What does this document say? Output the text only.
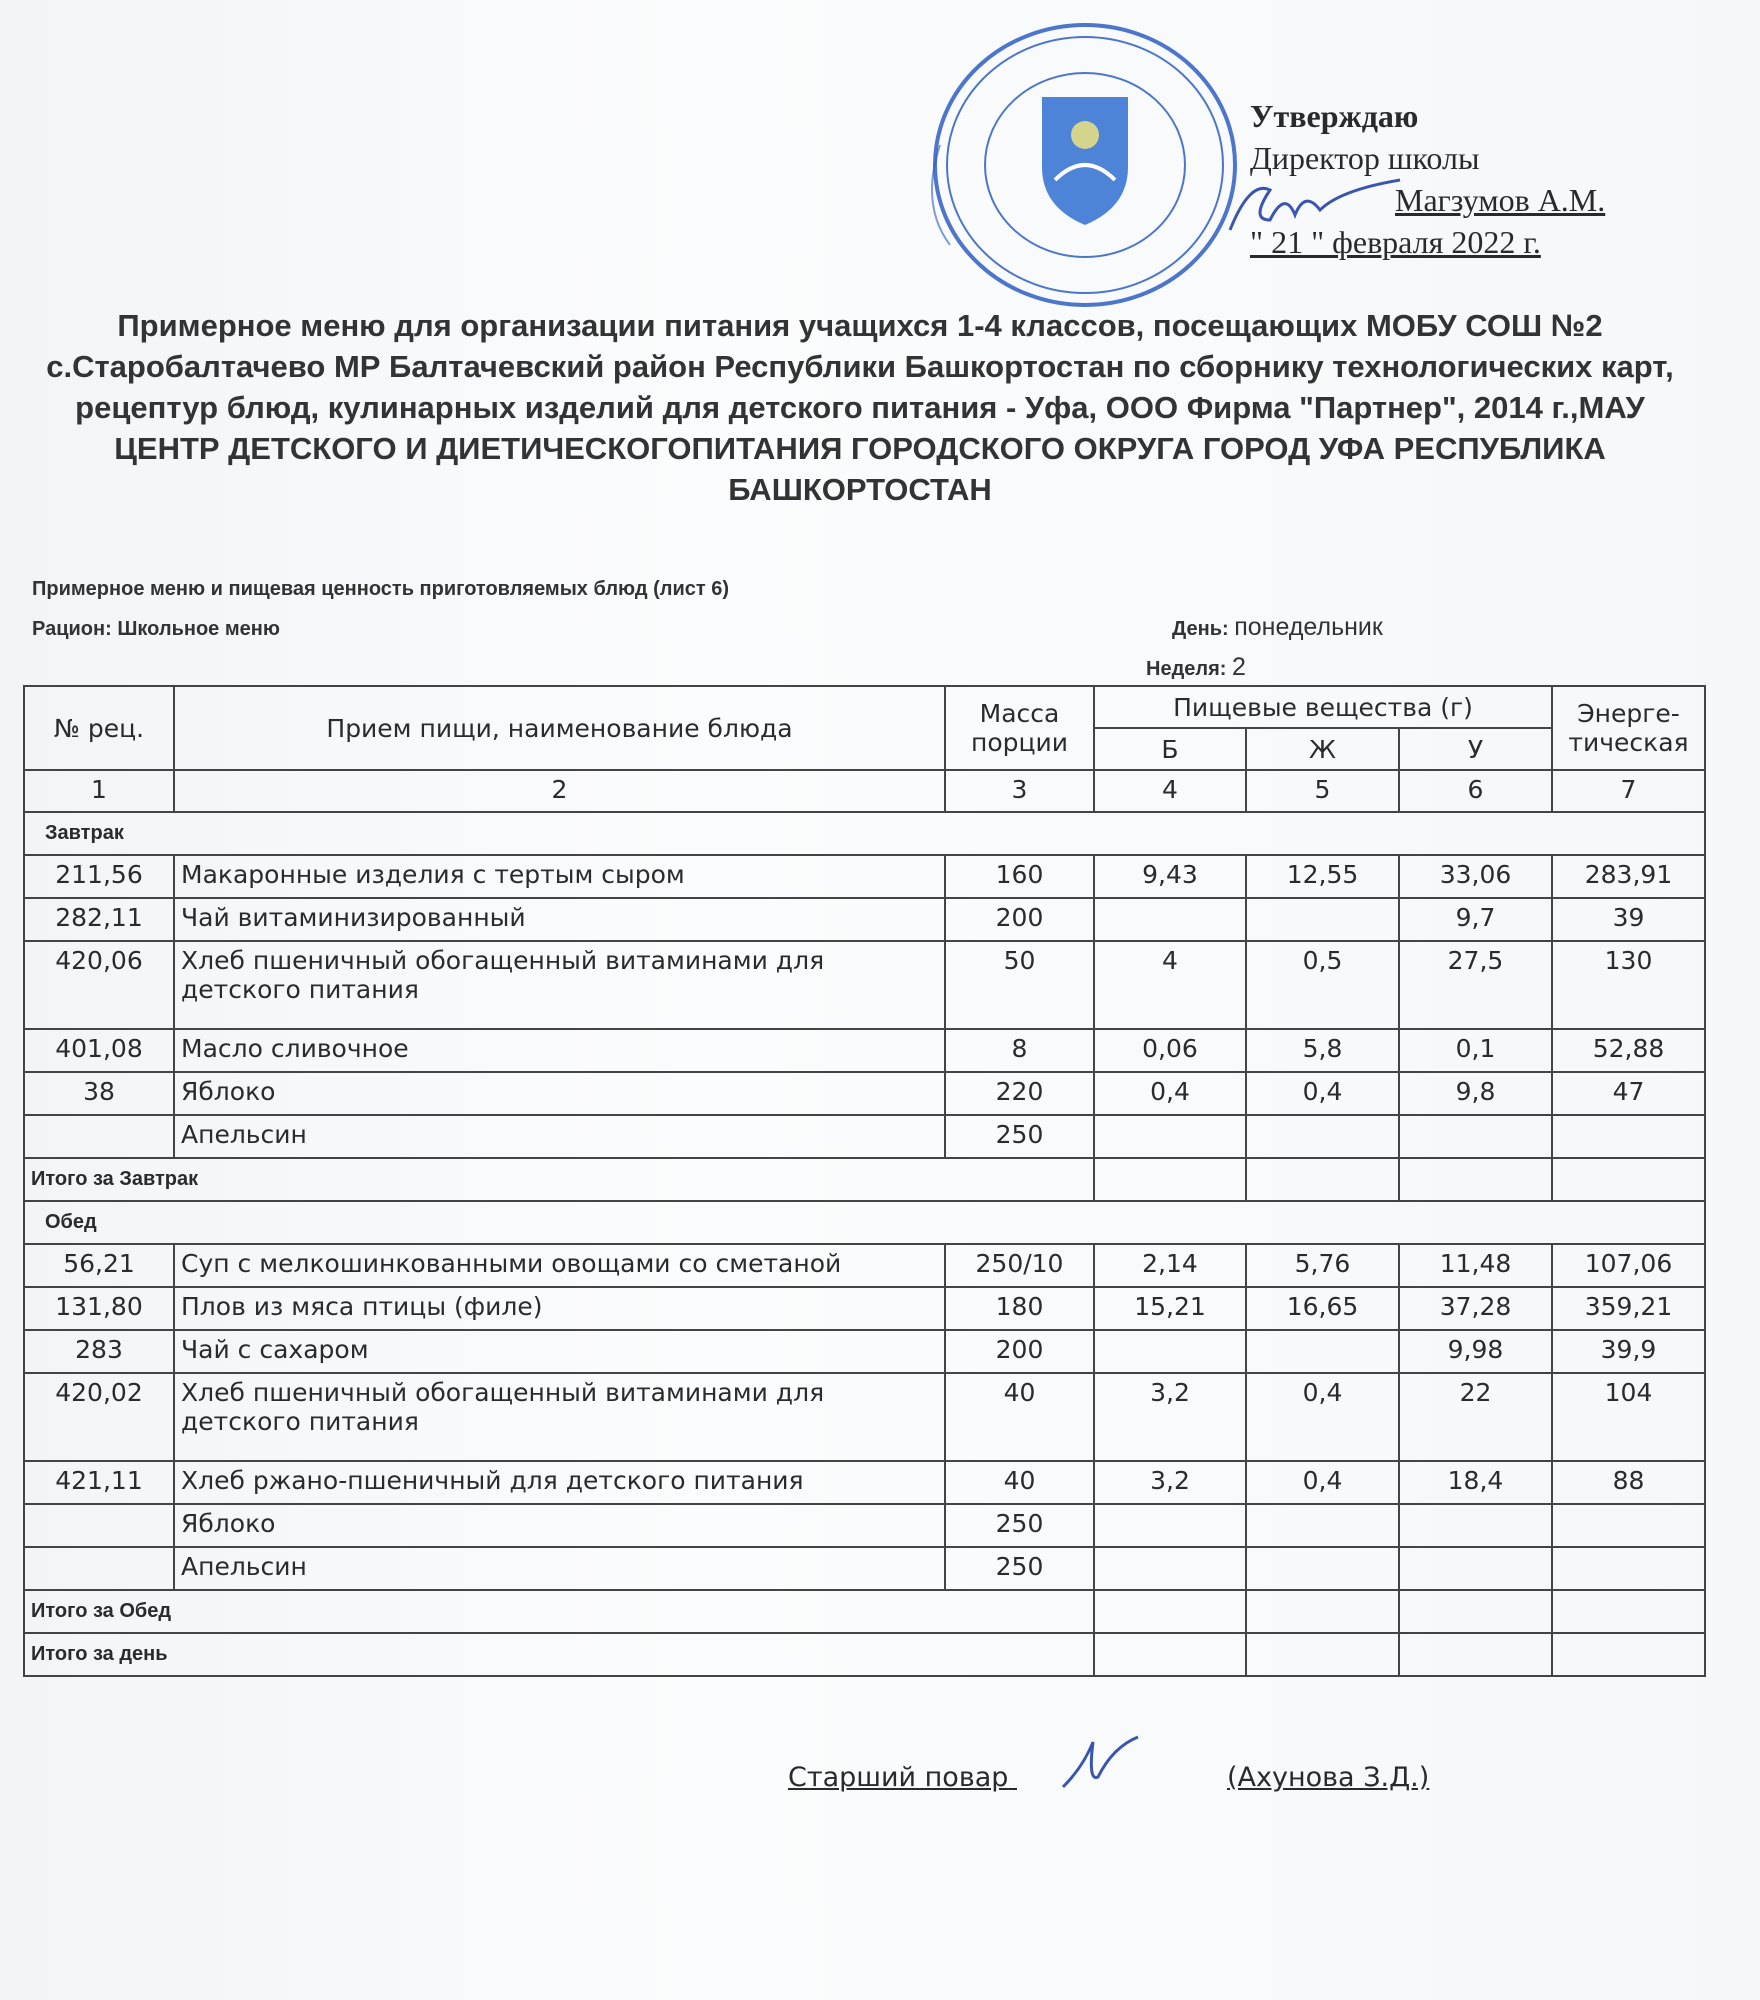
Утверждаю
Директор школы
Магзумов А.М.
" 21 " февраля 2022 г.
Примерное меню для организации питания учащихся 1-4 классов, посещающих МОБУ СОШ №2 с.Старобалтачево МР Балтачевский район Республики Башкортостан по сборнику технологических карт, рецептур блюд, кулинарных изделий для детского питания - Уфа, ООО Фирма "Партнер", 2014 г.,МАУ ЦЕНТР ДЕТСКОГО И ДИЕТИЧЕСКОГОПИТАНИЯ ГОРОДСКОГО ОКРУГА ГОРОД УФА РЕСПУБЛИКА БАШКОРТОСТАН
Примерное меню и пищевая ценность приготовляемых блюд (лист 6)
Рацион: Школьное меню	День: понедельник
Неделя: 2
№ рец.	Прием пищи, наименование блюда	Масса порции	Пищевые вещества (г)			Энерге-тическая
			Б	Ж	У	
1	2	3	4	5	6	7
Завтрак						
211,56	Макаронные изделия с тертым сыром	160	9,43	12,55	33,06	283,91
282,11	Чай витаминизированный	200			9,7	39
420,06	Хлеб пшеничный обогащенный витаминами для детского питания	50	4	0,5	27,5	130
401,08	Масло сливочное	8	0,06	5,8	0,1	52,88
38	Яблоко	220	0,4	0,4	9,8	47
	Апельсин	250				
Итого за Завтрак						
Обед						
56,21	Суп с мелкошинкованными овощами со сметаной	250/10	2,14	5,76	11,48	107,06
131,80	Плов из мяса птицы (филе)	180	15,21	16,65	37,28	359,21
283	Чай с сахаром	200			9,98	39,9
420,02	Хлеб пшеничный обогащенный витаминами для детского питания	40	3,2	0,4	22	104
421,11	Хлеб ржано-пшеничный для детского питания	40	3,2	0,4	18,4	88
	Яблоко	250				
	Апельсин	250				
Итого за Обед						
Итого за день						
Старший повар	(Ахунова З.Д.)
